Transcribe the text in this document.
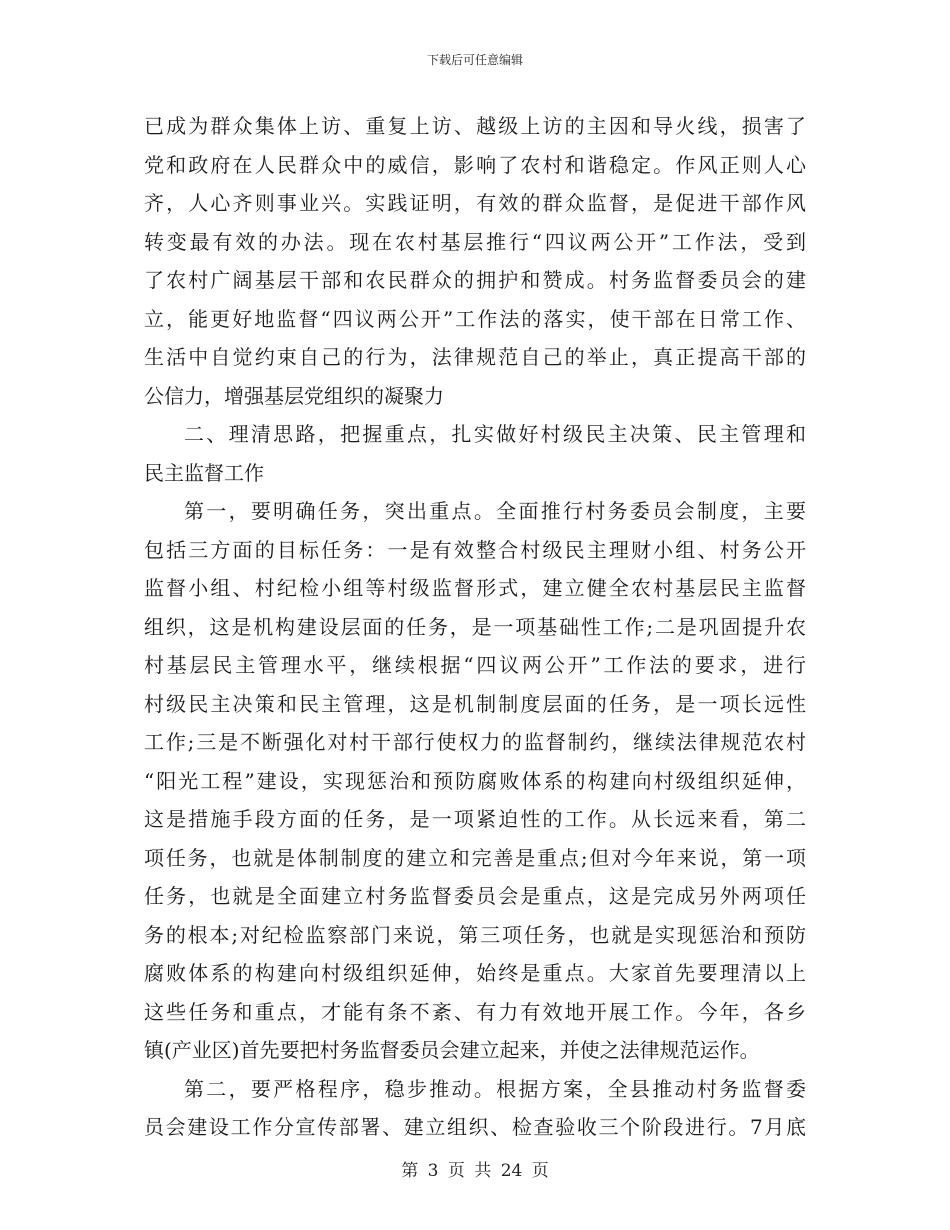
下载后可任意编辑
已成为群众集体上访、重复上访、越级上访的主因和导火线，损害了
党和政府在人民群众中的威信，影响了农村和谐稳定。作风正则人心
齐，人心齐则事业兴。实践证明，有效的群众监督，是促进干部作风
转变最有效的办法。现在农村基层推行“四议两公开”工作法，受到
了农村广阔基层干部和农民群众的拥护和赞成。村务监督委员会的建
立，能更好地监督“四议两公开”工作法的落实，使干部在日常工作、
生活中自觉约束自己的行为，法律规范自己的举止，真正提高干部的
公信力，增强基层党组织的凝聚力
二、理清思路，把握重点，扎实做好村级民主决策、民主管理和
民主监督工作
第一，要明确任务，突出重点。全面推行村务委员会制度，主要
包括三方面的目标任务：一是有效整合村级民主理财小组、村务公开
监督小组、村纪检小组等村级监督形式，建立健全农村基层民主监督
组织，这是机构建设层面的任务，是一项基础性工作;二是巩固提升农
村基层民主管理水平，继续根据“四议两公开”工作法的要求，进行
村级民主决策和民主管理，这是机制制度层面的任务，是一项长远性
工作;三是不断强化对村干部行使权力的监督制约，继续法律规范农村
“阳光工程”建设，实现惩治和预防腐败体系的构建向村级组织延伸，
这是措施手段方面的任务，是一项紧迫性的工作。从长远来看，第二
项任务，也就是体制制度的建立和完善是重点;但对今年来说，第一项
任务，也就是全面建立村务监督委员会是重点，这是完成另外两项任
务的根本;对纪检监察部门来说，第三项任务，也就是实现惩治和预防
腐败体系的构建向村级组织延伸，始终是重点。大家首先要理清以上
这些任务和重点，才能有条不紊、有力有效地开展工作。今年，各乡
镇(产业区)首先要把村务监督委员会建立起来，并使之法律规范运作。
第二，要严格程序，稳步推动。根据方案，全县推动村务监督委
员会建设工作分宣传部署、建立组织、检查验收三个阶段进行。7月底
第 3 页 共 24 页
